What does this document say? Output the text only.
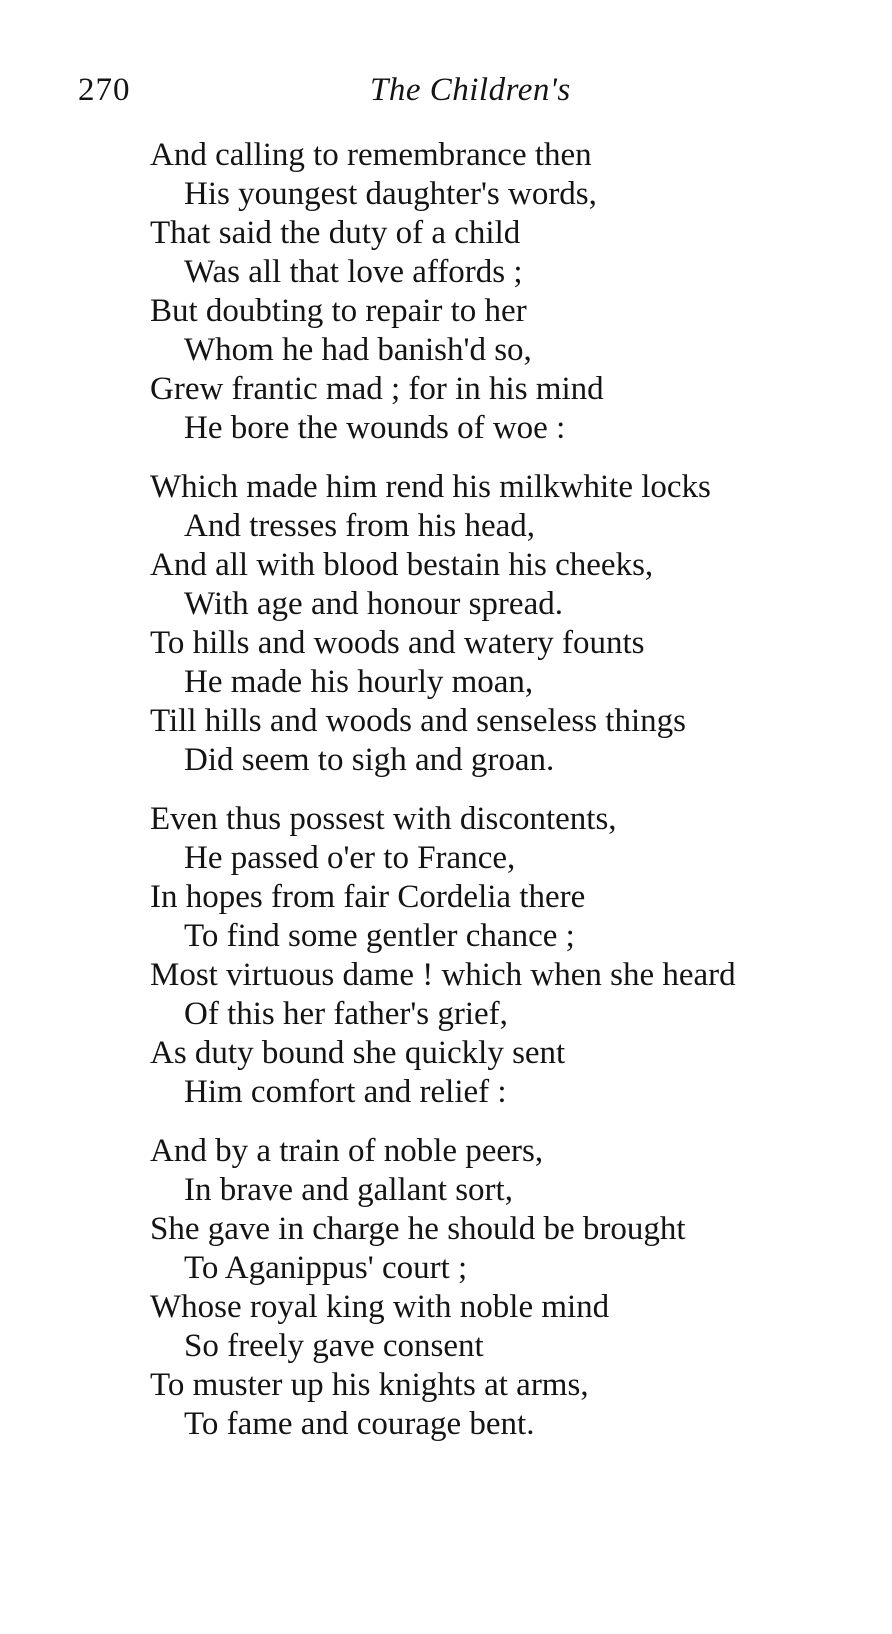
270	The Children's
And calling to remembrance then
His youngest daughter's words,
That said the duty of a child
Was all that love affords ;
But doubting to repair to her
Whom he had banish'd so,
Grew frantic mad ; for in his mind
He bore the wounds of woe :
Which made him rend his milkwhite locks
And tresses from his head,
And all with blood bestain his cheeks,
With age and honour spread.
To hills and woods and watery founts
He made his hourly moan,
Till hills and woods and senseless things
Did seem to sigh and groan.
Even thus possest with discontents,
He passed o'er to France,
In hopes from fair Cordelia there
To find some gentler chance ;
Most virtuous dame ! which when she heard
Of this her father's grief,
As duty bound she quickly sent
Him comfort and relief :
And by a train of noble peers,
In brave and gallant sort,
She gave in charge he should be brought
To Aganippus' court ;
Whose royal king with noble mind
So freely gave consent
To muster up his knights at arms,
To fame and courage bent.
